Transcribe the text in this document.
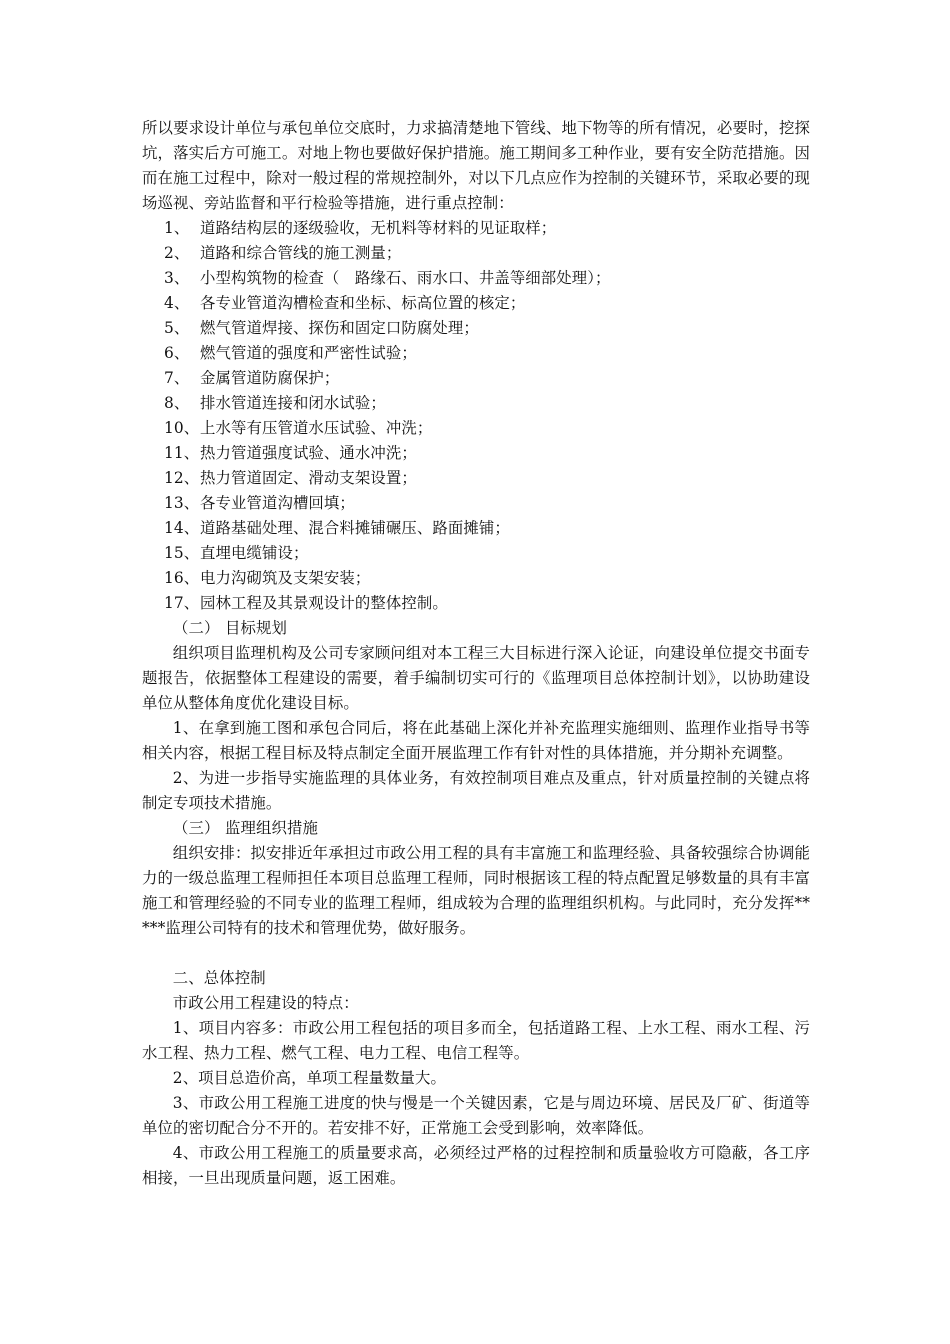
所以要求设计单位与承包单位交底时，力求搞清楚地下管线、地下物等的所有情况，必要时，挖探坑，落实后方可施工。对地上物也要做好保护措施。施工期间多工种作业，要有安全防范措施。因而在施工过程中，除对一般过程的常规控制外，对以下几点应作为控制的关键环节，采取必要的现场巡视、旁站监督和平行检验等措施，进行重点控制：

1、 道路结构层的逐级验收，无机料等材料的见证取样；
2、 道路和综合管线的施工测量；
3、 小型构筑物的检查（　路缘石、雨水口、井盖等细部处理）；
4、 各专业管道沟槽检查和坐标、标高位置的核定；
5、 燃气管道焊接、探伤和固定口防腐处理；
6、 燃气管道的强度和严密性试验；
7、 金属管道防腐保护；
8、 排水管道连接和闭水试验；
10、上水等有压管道水压试验、冲洗；
11、热力管道强度试验、通水冲洗；
12、热力管道固定、滑动支架设置；
13、各专业管道沟槽回填；
14、道路基础处理、混合料摊铺碾压、路面摊铺；
15、直埋电缆铺设；
16、电力沟砌筑及支架安装；
17、园林工程及其景观设计的整体控制。

（二） 目标规划

组织项目监理机构及公司专家顾问组对本工程三大目标进行深入论证，向建设单位提交书面专题报告，依据整体工程建设的需要，着手编制切实可行的《监理项目总体控制计划》，以协助建设单位从整体角度优化建设目标。

1、在拿到施工图和承包合同后，将在此基础上深化并补充监理实施细则、监理作业指导书等相关内容，根据工程目标及特点制定全面开展监理工作有针对性的具体措施，并分期补充调整。

2、为进一步指导实施监理的具体业务，有效控制项目难点及重点，针对质量控制的关键点将制定专项技术措施。

（三） 监理组织措施

组织安排：拟安排近年承担过市政公用工程的具有丰富施工和监理经验、具备较强综合协调能力的一级总监理工程师担任本项目总监理工程师，同时根据该工程的特点配置足够数量的具有丰富施工和管理经验的不同专业的监理工程师，组成较为合理的监理组织机构。与此同时，充分发挥*****监理公司特有的技术和管理优势，做好服务。

二、总体控制

市政公用工程建设的特点：

1、项目内容多：市政公用工程包括的项目多而全，包括道路工程、上水工程、雨水工程、污水工程、热力工程、燃气工程、电力工程、电信工程等。

2、项目总造价高，单项工程量数量大。

3、市政公用工程施工进度的快与慢是一个关键因素，它是与周边环境、居民及厂矿、街道等单位的密切配合分不开的。若安排不好，正常施工会受到影响，效率降低。

4、市政公用工程施工的质量要求高，必须经过严格的过程控制和质量验收方可隐蔽，各工序相接，一旦出现质量问题，返工困难。
